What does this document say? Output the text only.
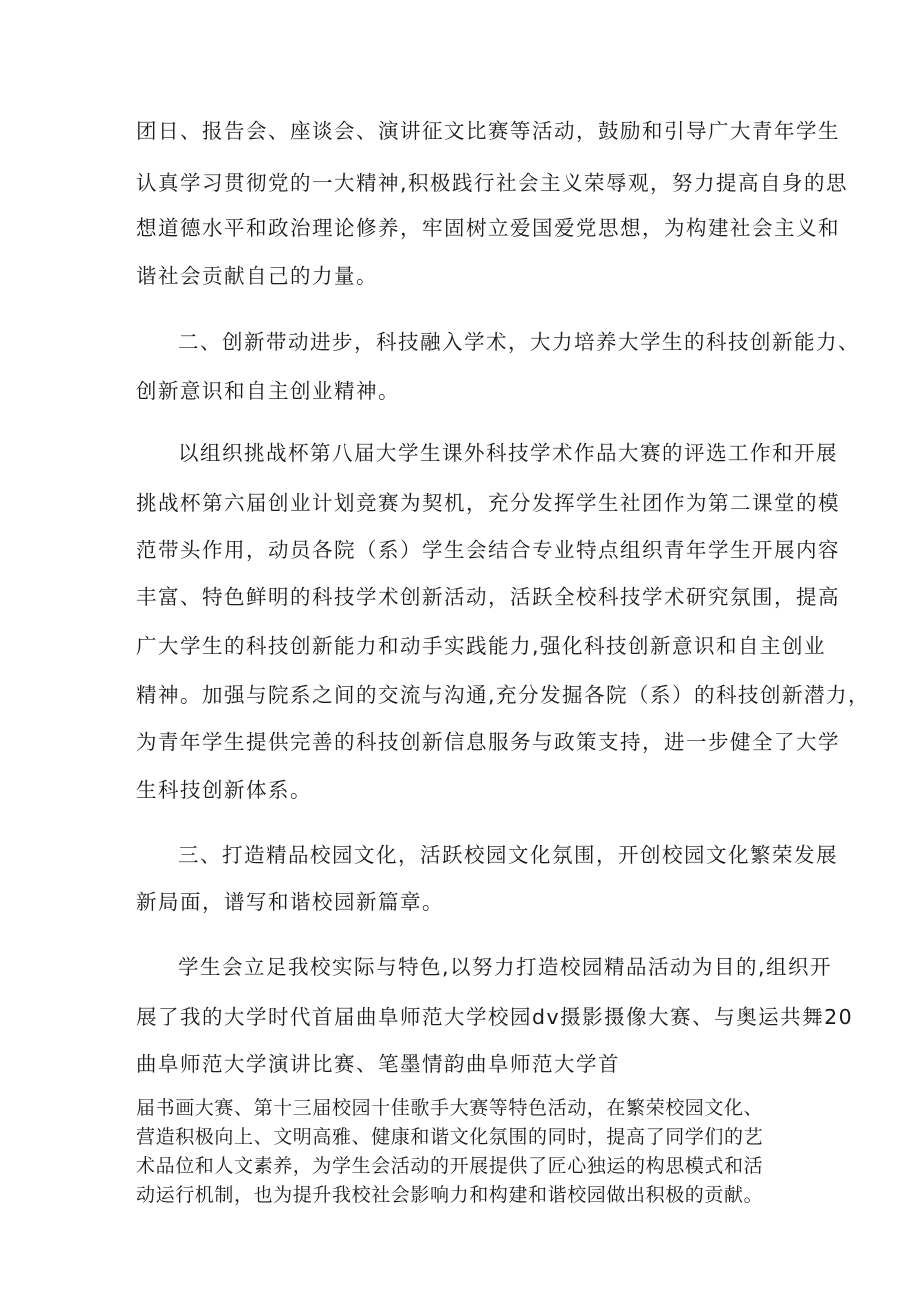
团日、报告会、座谈会、演讲征文比赛等活动，鼓励和引导广大青年学生
认真学习贯彻党的一大精神,积极践行社会主义荣辱观，努力提高自身的思
想道德水平和政治理论修养，牢固树立爱国爱党思想，为构建社会主义和
谐社会贡献自己的力量。
二、创新带动进步，科技融入学术，大力培养大学生的科技创新能力、
创新意识和自主创业精神。
以组织挑战杯第八届大学生课外科技学术作品大赛的评选工作和开展
挑战杯第六届创业计划竞赛为契机，充分发挥学生社团作为第二课堂的模
范带头作用，动员各院（系）学生会结合专业特点组织青年学生开展内容
丰富、特色鲜明的科技学术创新活动，活跃全校科技学术研究氛围，提高
广大学生的科技创新能力和动手实践能力,强化科技创新意识和自主创业
精神。加强与院系之间的交流与沟通,充分发掘各院（系）的科技创新潜力，
为青年学生提供完善的科技创新信息服务与政策支持，进一步健全了大学
生科技创新体系。
三、打造精品校园文化，活跃校园文化氛围，开创校园文化繁荣发展
新局面，谱写和谐校园新篇章。
学生会立足我校实际与特色,以努力打造校园精品活动为目的,组织开
展了我的大学时代首届曲阜师范大学校园dv摄影摄像大赛、与奥运共舞20
曲阜师范大学演讲比赛、笔墨情韵曲阜师范大学首
届书画大赛、第十三届校园十佳歌手大赛等特色活动，在繁荣校园文化、
营造积极向上、文明高雅、健康和谐文化氛围的同时，提高了同学们的艺
术品位和人文素养，为学生会活动的开展提供了匠心独运的构思模式和活
动运行机制，也为提升我校社会影响力和构建和谐校园做出积极的贡献。
